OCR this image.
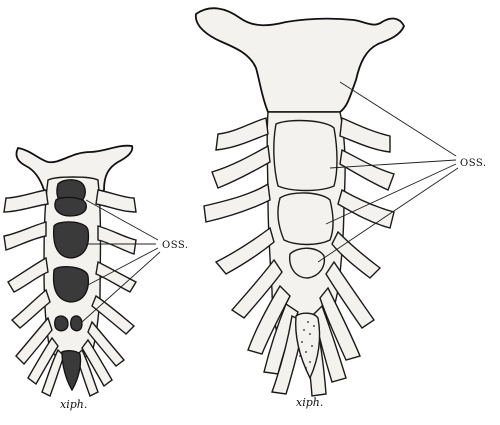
OSS.
xiph.
OSS.
xiph.
